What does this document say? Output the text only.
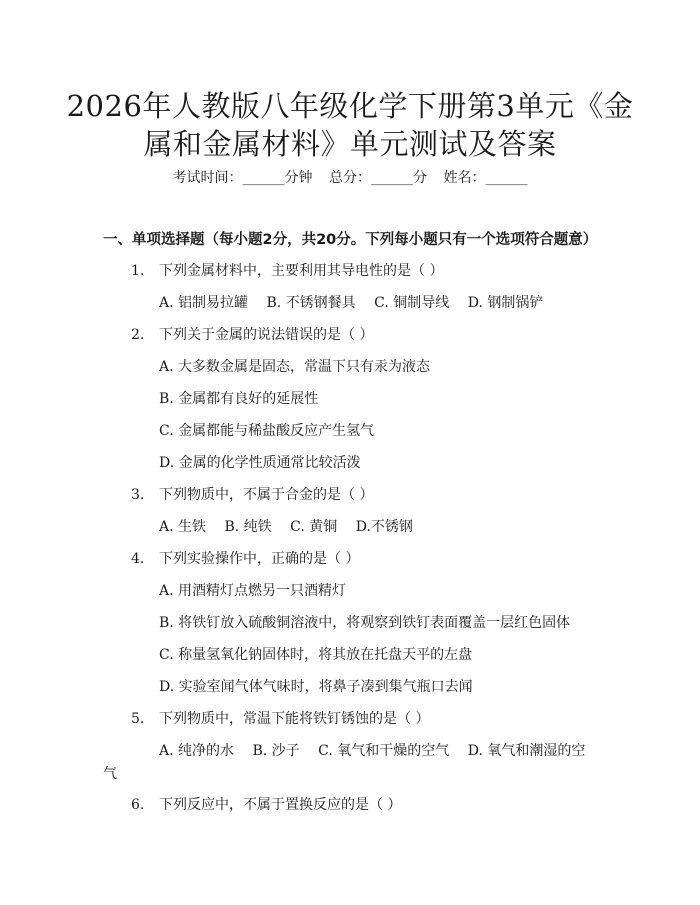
2026年人教版八年级化学下册第3单元《金
属和金属材料》单元测试及答案
考试时间：______分钟 总分：______分 姓名：______
一、单项选择题（每小题2分，共20分。下列每小题只有一个选项符合题意）
1. 下列金属材料中，主要利用其导电性的是（ ）
A. 铝制易拉罐 B. 不锈钢餐具 C. 铜制导线 D. 钢制锅铲
2. 下列关于金属的说法错误的是（ ）
A. 大多数金属是固态，常温下只有汞为液态
B. 金属都有良好的延展性
C. 金属都能与稀盐酸反应产生氢气
D. 金属的化学性质通常比较活泼
3. 下列物质中，不属于合金的是（ ）
A. 生铁 B. 纯铁 C. 黄铜 D.不锈钢
4. 下列实验操作中，正确的是（ ）
A. 用酒精灯点燃另一只酒精灯
B. 将铁钉放入硫酸铜溶液中，将观察到铁钉表面覆盖一层红色固体
C. 称量氢氧化钠固体时，将其放在托盘天平的左盘
D. 实验室闻气体气味时，将鼻子凑到集气瓶口去闻
5. 下列物质中，常温下能将铁钉锈蚀的是（ ）
A. 纯净的水 B. 沙子 C. 氧气和干燥的空气 D. 氧气和潮湿的空
气
6. 下列反应中，不属于置换反应的是（ ）
